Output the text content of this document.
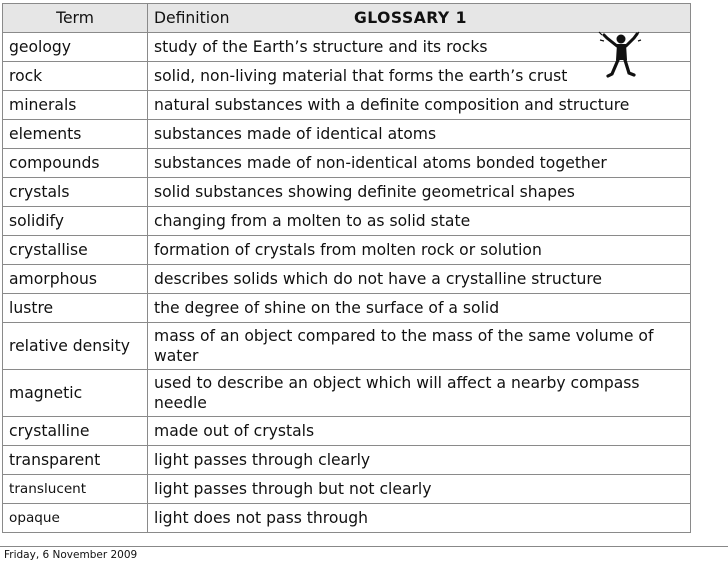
Term	Definition GLOSSARY 1

geology	study of the Earth’s structure and its rocks
rock	solid, non-living material that forms the earth’s crust
minerals	natural substances with a definite composition and structure
elements	substances made of identical atoms
compounds	substances made of non-identical atoms bonded together
crystals	solid substances showing definite geometrical shapes
solidify	changing from a molten to as solid state
crystallise	formation of crystals from molten rock or solution
amorphous	describes solids which do not have a crystalline structure
lustre	the degree of shine on the surface of a solid
relative density	mass of an object compared to the mass of the same volume of water
magnetic	used to describe an object which will affect a nearby compass needle
crystalline	made out of crystals
transparent	light passes through clearly
translucent	light passes through but not clearly
opaque	light does not pass through
Friday, 6 November 2009
